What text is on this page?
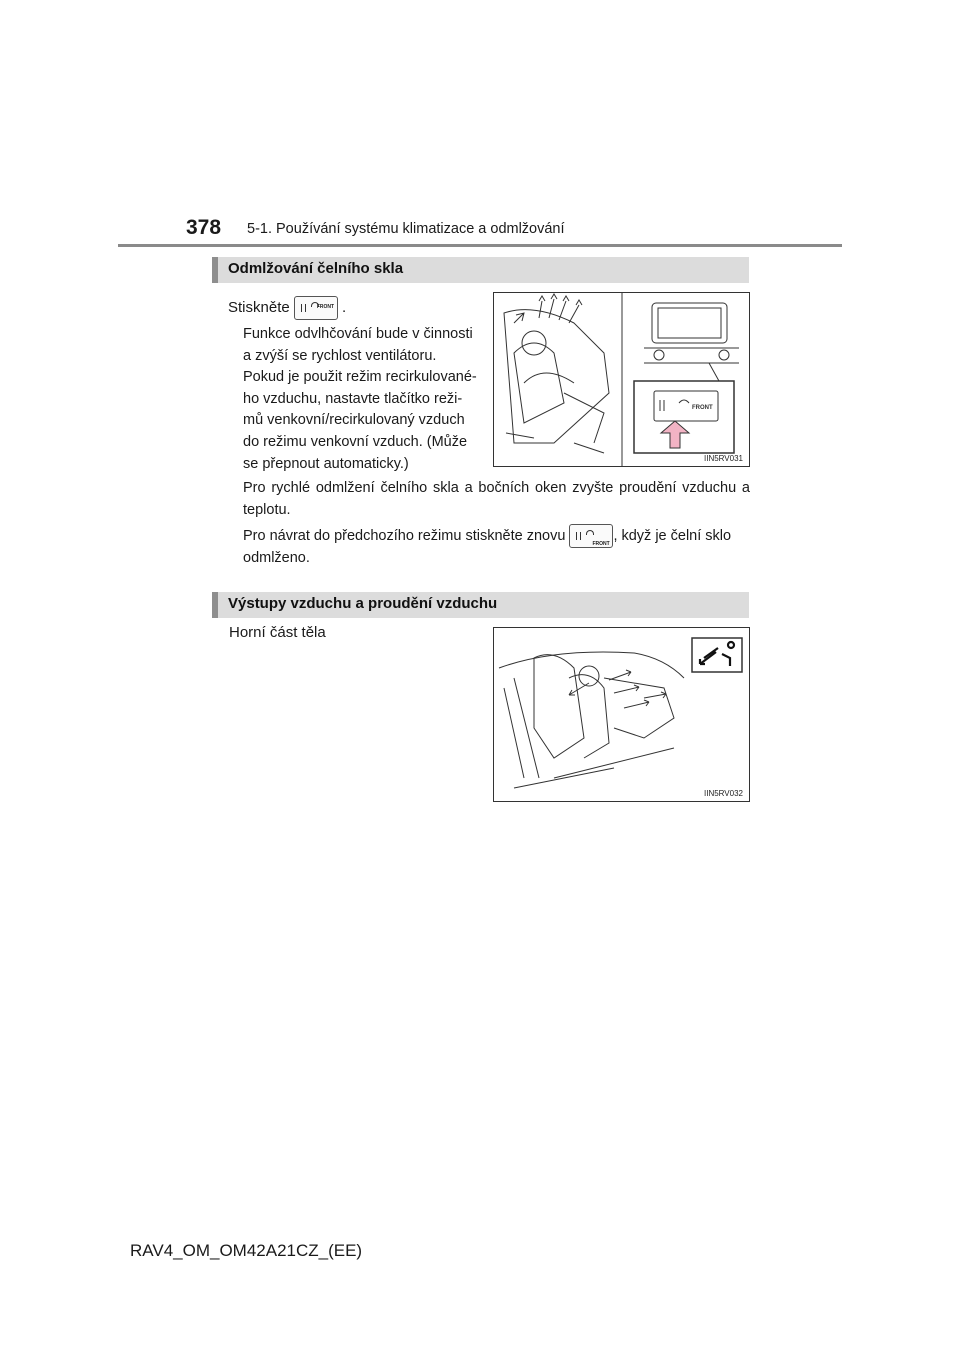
378 5-1. Používání systému klimatizace a odmlžování
Odmlžování čelního skla
Stiskněte	FRONT .
Funkce odvlhčování bude v činnosti
a zvýší se rychlost ventilátoru.
Pokud je použit režim recirkulované-
ho vzduchu, nastavte tlačítko reži-
mů venkovní/recirkulovaný vzduch
do režimu venkovní vzduch. (Může
se přepnout automaticky.)
FRONT
IIN5RV031
Pro rychlé odmlžení čelního skla a bočních oken zvyšte proudění vzduchu a teplotu.
Pro návrat do předchozího režimu stiskněte znovu
FRONT
, když je čelní sklo
odmlženo.
Výstupy vzduchu a proudění vzduchu
Horní část těla
IIN5RV032
RAV4_OM_OM42A21CZ_(EE)
